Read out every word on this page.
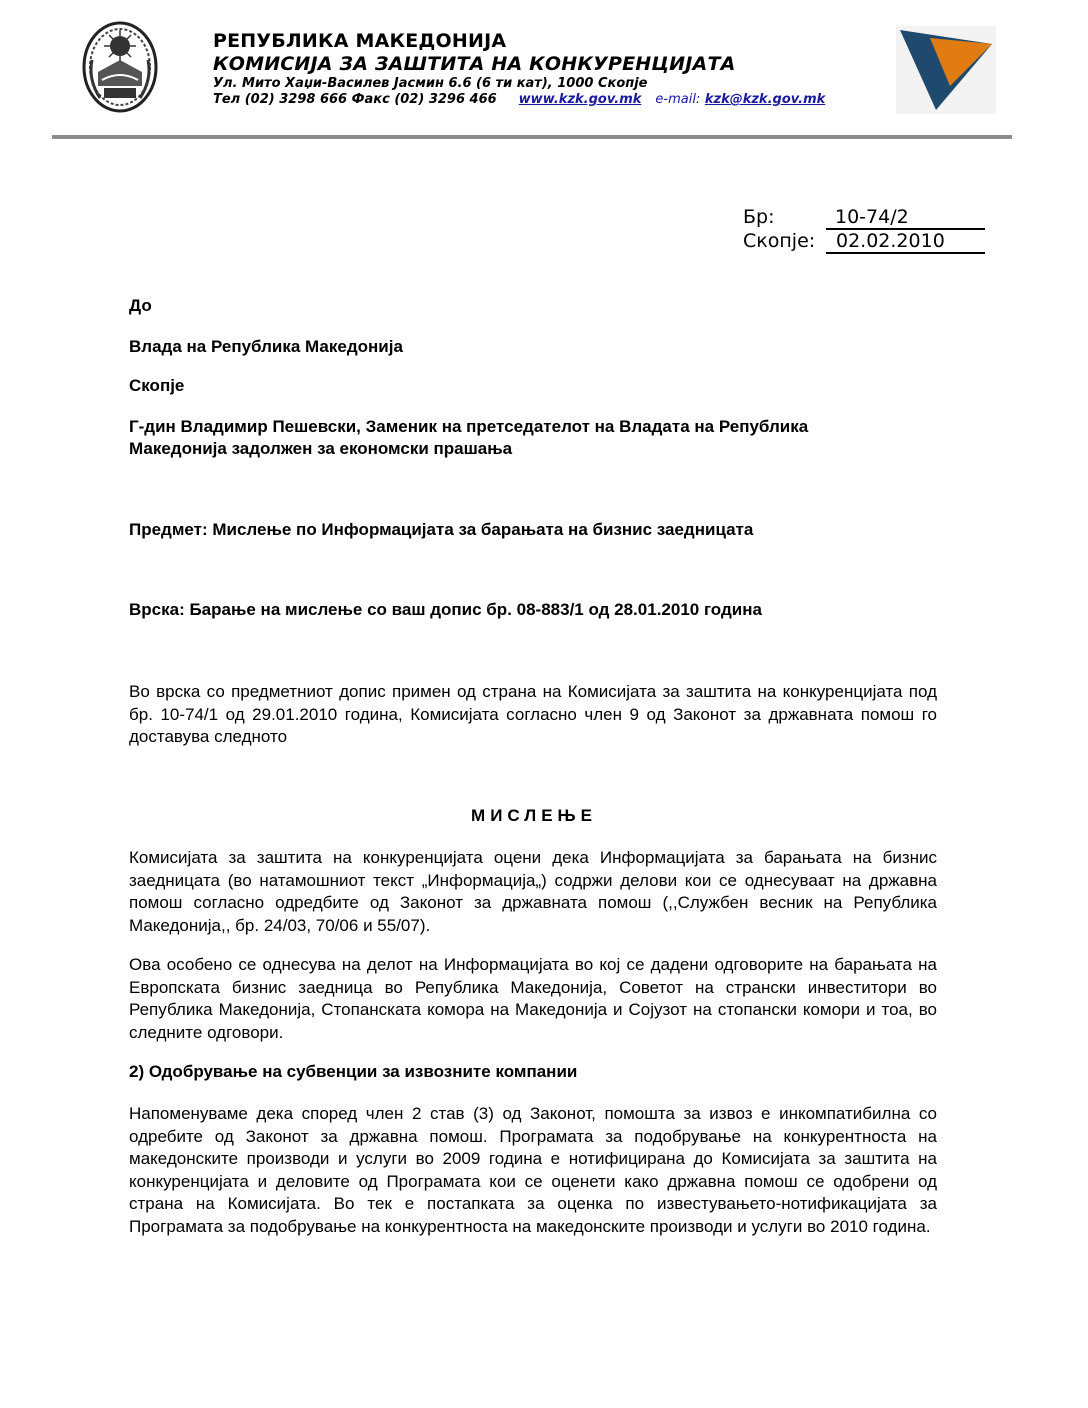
РЕПУБЛИКА МАКЕДОНИЈА
КОМИСИЈА ЗА ЗАШТИТА НА КОНКУРЕНЦИЈАТА
Ул. Мито Хаџи-Василев Јасмин 6.6 (6 ти кат), 1000 Скопје
Тел (02) 3298 666 Факс (02) 3296 466 www.kzk.gov.mk e-mail: kzk@kzk.gov.mk
Бр:	10-74/2
Скопје: 02.02.2010
До
Влада на Република Македонија
Скопје
Г-дин Владимир Пешевски, Заменик на претседателот на Владата на Република
Македонија задолжен за економски прашања
Предмет: Мислење по Информацијата за барањата на бизнис заедницата
Врска: Барање на мислење со ваш допис бр. 08-883/1 од 28.01.2010 година
Во врска со предметниот допис примен од страна на Комисијата за заштита на конкуренцијата под бр. 10-74/1 од 29.01.2010 година, Комисијата согласно член 9 од Законот за државната помош го доставува следното
МИСЛЕЊЕ
Комисијата за заштита на конкуренцијата оцени дека Информацијата за барањата на бизнис заедницата (во натамошниот текст „Информација„) содржи делови кои се однесуваат на државна помош согласно одредбите од Законот за државната помош (,,Службен весник на Република Македонија,, бр. 24/03, 70/06 и 55/07).
Ова особено се однесува на делот на Информацијата во кој се дадени одговорите на барањата на Европската бизнис заедница во Република Македонија, Советот на странски инвеститори во Република Македонија, Стопанската комора на Македонија и Сојузот на стопански комори и тоа, во следните одговори.
2) Одобрување на субвенции за извозните компании
Напоменуваме дека според член 2 став (3) од Законот, помошта за извоз е инкомпатибилна со одребите од Законот за државна помош. Програмата за подобрување на конкурентноста на македонските производи и услуги во 2009 година е нотифицирана до Комисијата за заштита на конкуренцијата и деловите од Програмата кои се оценети како државна помош се одобрени од страна на Комисијата. Во тек е постапката за оценка по известувањето-нотификацијата за Програмата за подобрување на конкурентноста на македонските производи и услуги во 2010 година.
